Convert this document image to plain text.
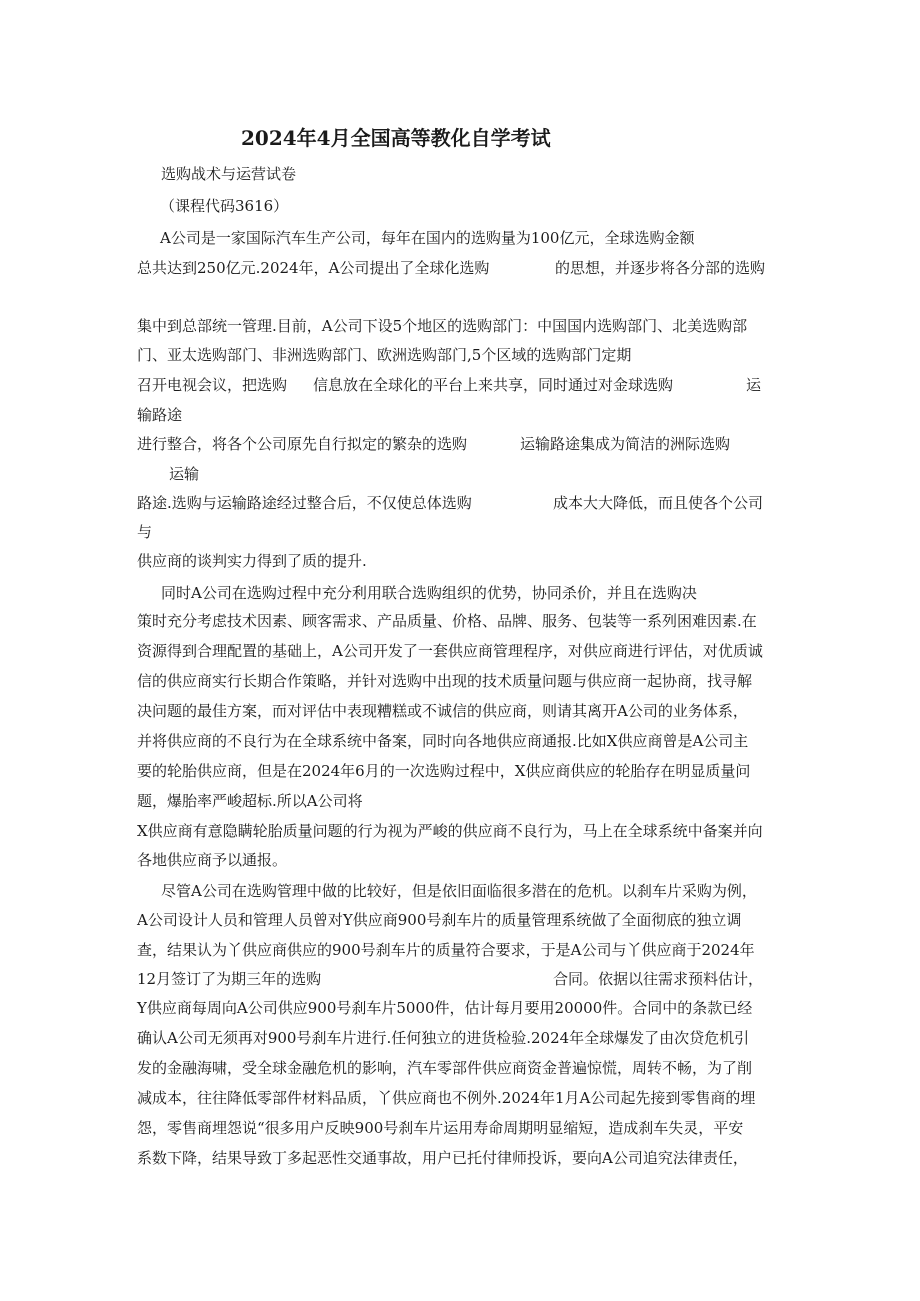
2024年4月全国高等教化自学考试
选购战术与运营试卷
（课程代码3616）
A公司是一家国际汽车生产公司，每年在国内的选购量为100亿元，全球选购金额
总共达到250亿元.2024年，A公司提出了全球化选购	的思想，并逐步将各分部的选购
集中到总部统一管理.目前，A公司下设5个地区的选购部门：中国国内选购部门、北美选购部
门、亚太选购部门、非洲选购部门、欧洲选购部门,5个区域的选购部门定期
召开电视会议，把选购 信息放在全球化的平台上来共享，同时通过对金球选购	运
输路途
进行整合，将各个公司原先自行拟定的繁杂的选购	运输路途集成为简洁的洲际选购
运输
路途.选购与运输路途经过整合后，不仅使总体选购	成本大大降低，而且使各个公司
与
供应商的谈判实力得到了质的提升.
同时A公司在选购过程中充分利用联合选购组织的优势，协同杀价，并且在选购决
策时充分考虑技术因素、顾客需求、产品质量、价格、品牌、服务、包装等一系列困难因素.在
资源得到合理配置的基础上，A公司开发了一套供应商管理程序，对供应商进行评估，对优质诚
信的供应商实行长期合作策略，并针对选购中出现的技术质量问题与供应商一起协商，找寻解
决问题的最佳方案，而对评估中表现糟糕或不诚信的供应商，则请其离开A公司的业务体系，
并将供应商的不良行为在全球系统中备案，同时向各地供应商通报.比如X供应商曾是A公司主
要的轮胎供应商，但是在2024年6月的一次选购过程中，X供应商供应的轮胎存在明显质量问
题，爆胎率严峻超标.所以A公司将
X供应商有意隐瞒轮胎质量问题的行为视为严峻的供应商不良行为，马上在全球系统中备案并向
各地供应商予以通报。
尽管A公司在选购管理中做的比较好，但是依旧面临很多潜在的危机。以刹车片采购为例，
A公司设计人员和管理人员曾对Y供应商900号刹车片的质量管理系统做了全面彻底的独立调
查，结果认为丫供应商供应的900号刹车片的质量符合要求，于是A公司与丫供应商于2024年
12月签订了为期三年的选购	合同。依据以往需求预料估计，
Y供应商每周向A公司供应900号刹车片5000件，估计每月要用20000件。合同中的条款已经
确认A公司无须再对900号刹车片进行.任何独立的进货检验.2024年全球爆发了由次贷危机引
发的金融海啸，受全球金融危机的影响，汽车零部件供应商资金普遍惊慌，周转不畅，为了削
减成本，往往降低零部件材料品质，丫供应商也不例外.2024年1月A公司起先接到零售商的埋
怨，零售商埋怨说“很多用户反映900号刹车片运用寿命周期明显缩短，造成刹车失灵，平安
系数下降，结果导致丁多起恶性交通事故，用户已托付律师投诉，要向A公司追究法律责任，
